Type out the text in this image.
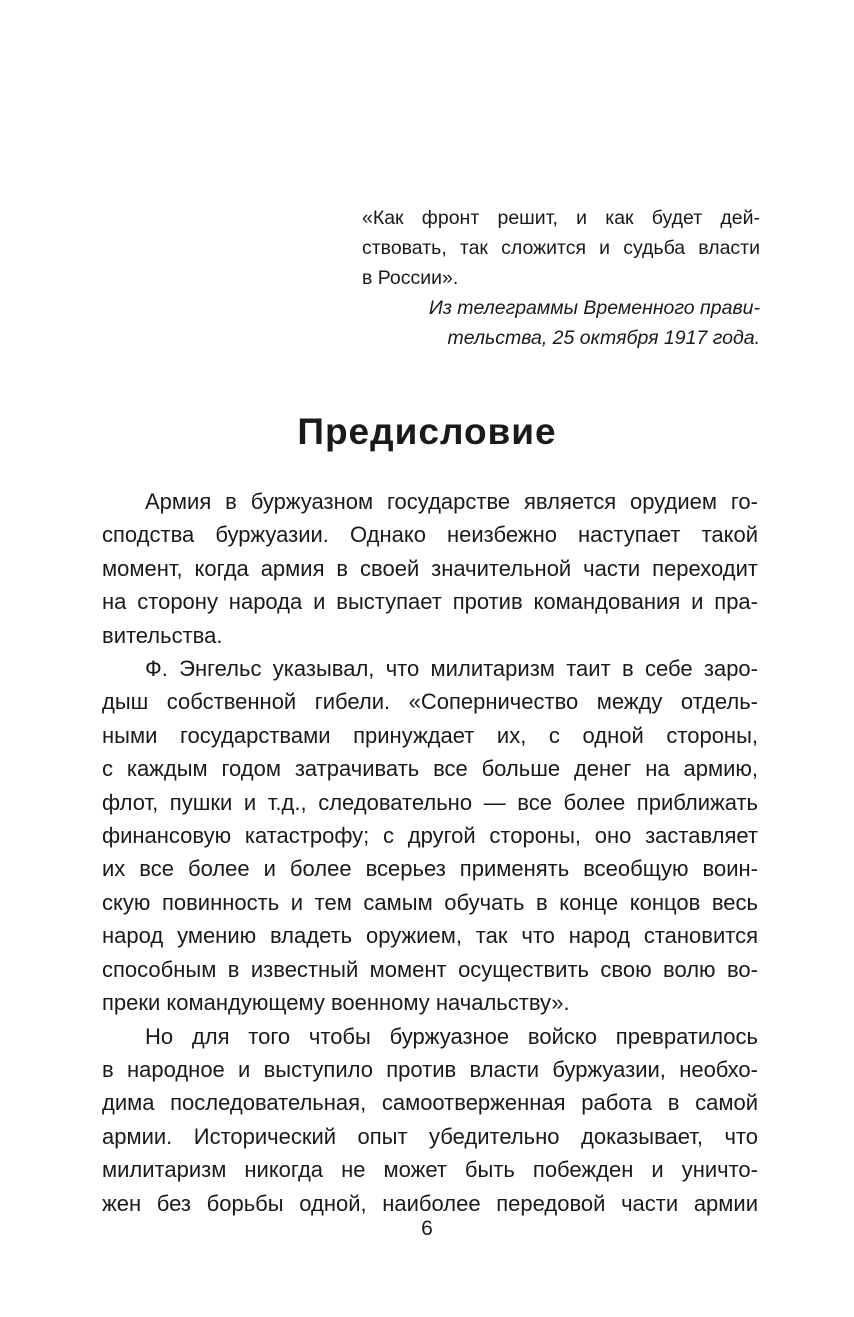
«Как фронт решит, и как будет дей-
ствовать, так сложится и судьба власти
в России».
Из телеграммы Временного прави-
тельства, 25 октября 1917 года.
Предисловие
Армия в буржуазном государстве является орудием го-
сподства буржуазии. Однако неизбежно наступает такой
момент, когда армия в своей значительной части переходит
на сторону народа и выступает против командования и пра-
вительства.
Ф. Энгельс указывал, что милитаризм таит в себе заро-
дыш собственной гибели. «Соперничество между отдель-
ными государствами принуждает их, с одной стороны,
с каждым годом затрачивать все больше денег на армию,
флот, пушки и т.д., следовательно — все более приближать
финансовую катастрофу; с другой стороны, оно заставляет
их все более и более всерьез применять всеобщую воин-
скую повинность и тем самым обучать в конце концов весь
народ умению владеть оружием, так что народ становится
способным в известный момент осуществить свою волю во-
преки командующему военному начальству».
Но для того чтобы буржуазное войско превратилось
в народное и выступило против власти буржуазии, необхо-
дима последовательная, самоотверженная работа в самой
армии. Исторический опыт убедительно доказывает, что
милитаризм никогда не может быть побежден и уничто-
жен без борьбы одной, наиболее передовой части армии
6
